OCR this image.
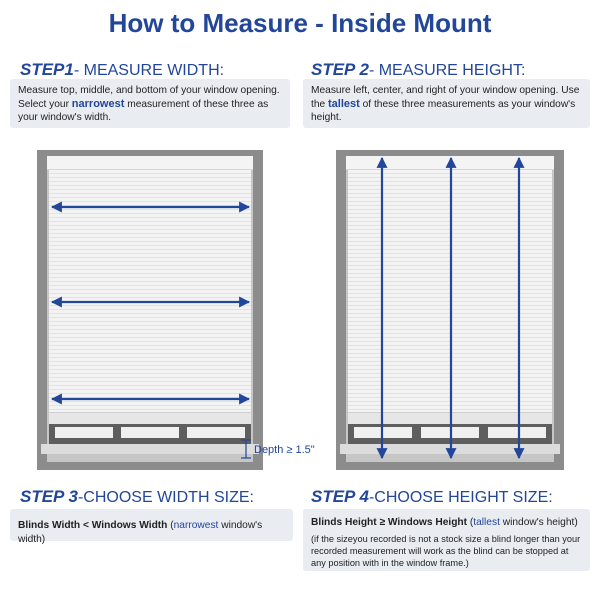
How to Measure - Inside Mount
STEP1- MEASURE WIDTH:
Measure top, middle, and bottom of your window opening. Select your narrowest measurement of these three as your window's width.
STEP 2- MEASURE HEIGHT:
Measure left, center, and right of your window opening. Use the tallest of these three measurements as your window's height.
Depth ≥ 1.5"
STEP 3-CHOOSE WIDTH SIZE:
Blinds Width < Windows Width (narrowest window's width)
STEP 4-CHOOSE HEIGHT SIZE:
Blinds Height ≥ Windows Height (tallest window's height)
(if the sizeyou recorded is not a stock size a blind longer than your recorded measurement will work as the blind can be stopped at any position with in the window frame.)
